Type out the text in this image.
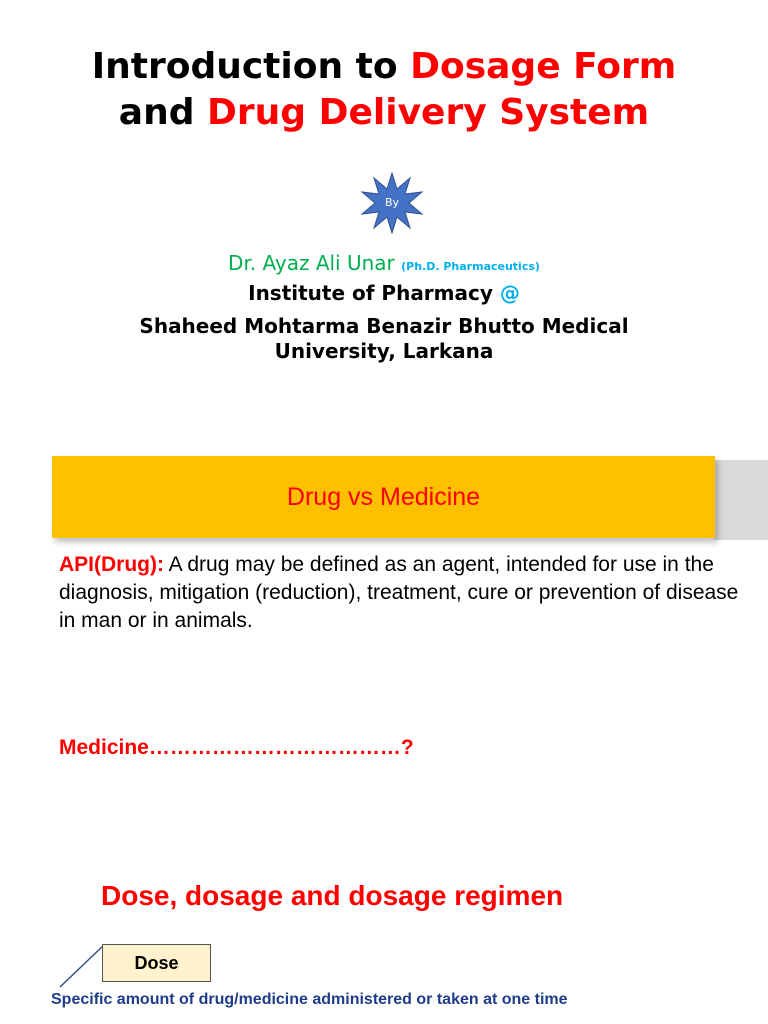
Introduction to Dosage Form
and Drug Delivery System
By
Dr. Ayaz Ali Unar (Ph.D. Pharmaceutics)
Institute of Pharmacy @
Shaheed Mohtarma Benazir Bhutto Medical
University, Larkana
Drug vs Medicine
API(Drug): A drug may be defined as an agent, intended for use in the diagnosis, mitigation (reduction), treatment, cure or prevention of disease in man or in animals.
Medicine………………………………?
Dose, dosage and dosage regimen
Dose
Specific amount of drug/medicine administered or taken at one time
